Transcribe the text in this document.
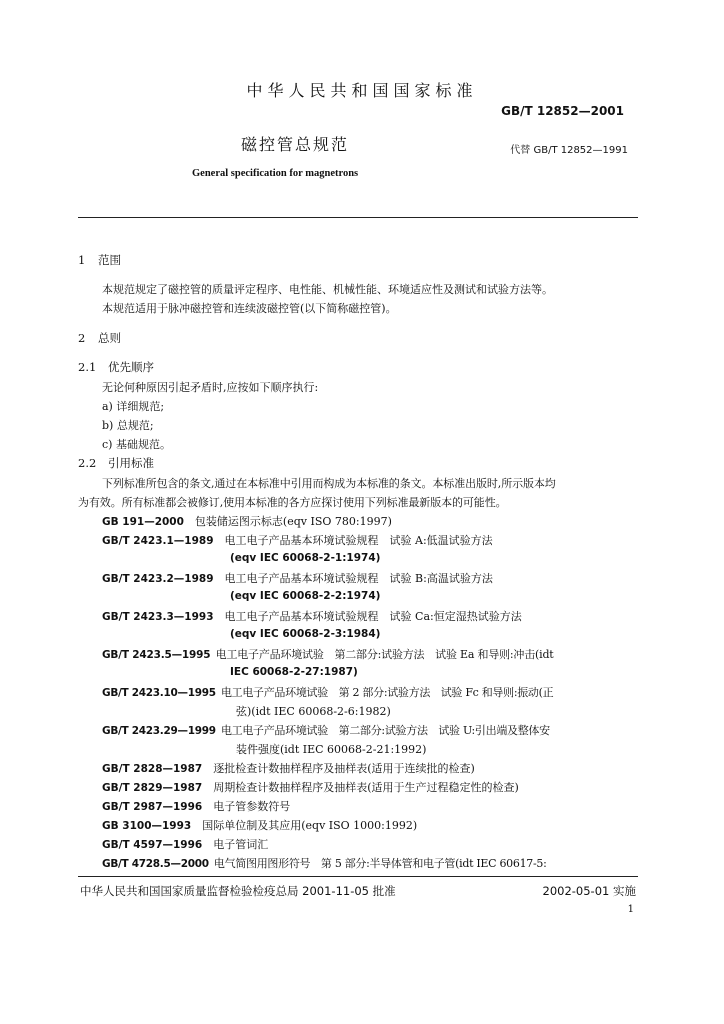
中华人民共和国国家标准
GB/T 12852—2001
磁控管总规范	代替 GB/T 12852—1991
General specification for magnetrons
1 范围
本规范规定了磁控管的质量评定程序、电性能、机械性能、环境适应性及测试和试验方法等。
本规范适用于脉冲磁控管和连续波磁控管(以下简称磁控管)。
2 总则
2.1 优先顺序
无论何种原因引起矛盾时,应按如下顺序执行:
a) 详细规范;
b) 总规范;
c) 基础规范。
2.2 引用标准
下列标准所包含的条文,通过在本标准中引用而构成为本标准的条文。本标准出版时,所示版本均
为有效。所有标准都会被修订,使用本标准的各方应探讨使用下列标准最新版本的可能性。
GB 191—2000  包装储运图示标志(eqv ISO 780:1997)
GB/T 2423.1—1989  电工电子产品基本环境试验规程　试验 A:低温试验方法
(eqv IEC 60068-2-1:1974)
GB/T 2423.2—1989  电工电子产品基本环境试验规程　试验 B:高温试验方法
(eqv IEC 60068-2-2:1974)
GB/T 2423.3—1993  电工电子产品基本环境试验规程　试验 Ca:恒定湿热试验方法
(eqv IEC 60068-2-3:1984)
GB/T 2423.5—1995  电工电子产品环境试验　第二部分:试验方法　试验 Ea 和导则:冲击(idt
IEC 60068-2-27:1987)
GB/T 2423.10—1995  电工电子产品环境试验　第 2 部分:试验方法　试验 Fc 和导则:振动(正
弦)(idt IEC 60068-2-6:1982)
GB/T 2423.29—1999  电工电子产品环境试验　第二部分:试验方法　试验 U:引出端及整体安
装件强度(idt IEC 60068-2-21:1992)
GB/T 2828—1987  逐批检查计数抽样程序及抽样表(适用于连续批的检查)
GB/T 2829—1987  周期检查计数抽样程序及抽样表(适用于生产过程稳定性的检查)
GB/T 2987—1996  电子管参数符号
GB 3100—1993  国际单位制及其应用(eqv ISO 1000:1992)
GB/T 4597—1996  电子管词汇
GB/T 4728.5—2000  电气简图用图形符号　第 5 部分:半导体管和电子管(idt IEC 60617-5:
中华人民共和国国家质量监督检验检疫总局 2001-11-05 批准	2002-05-01 实施
1
